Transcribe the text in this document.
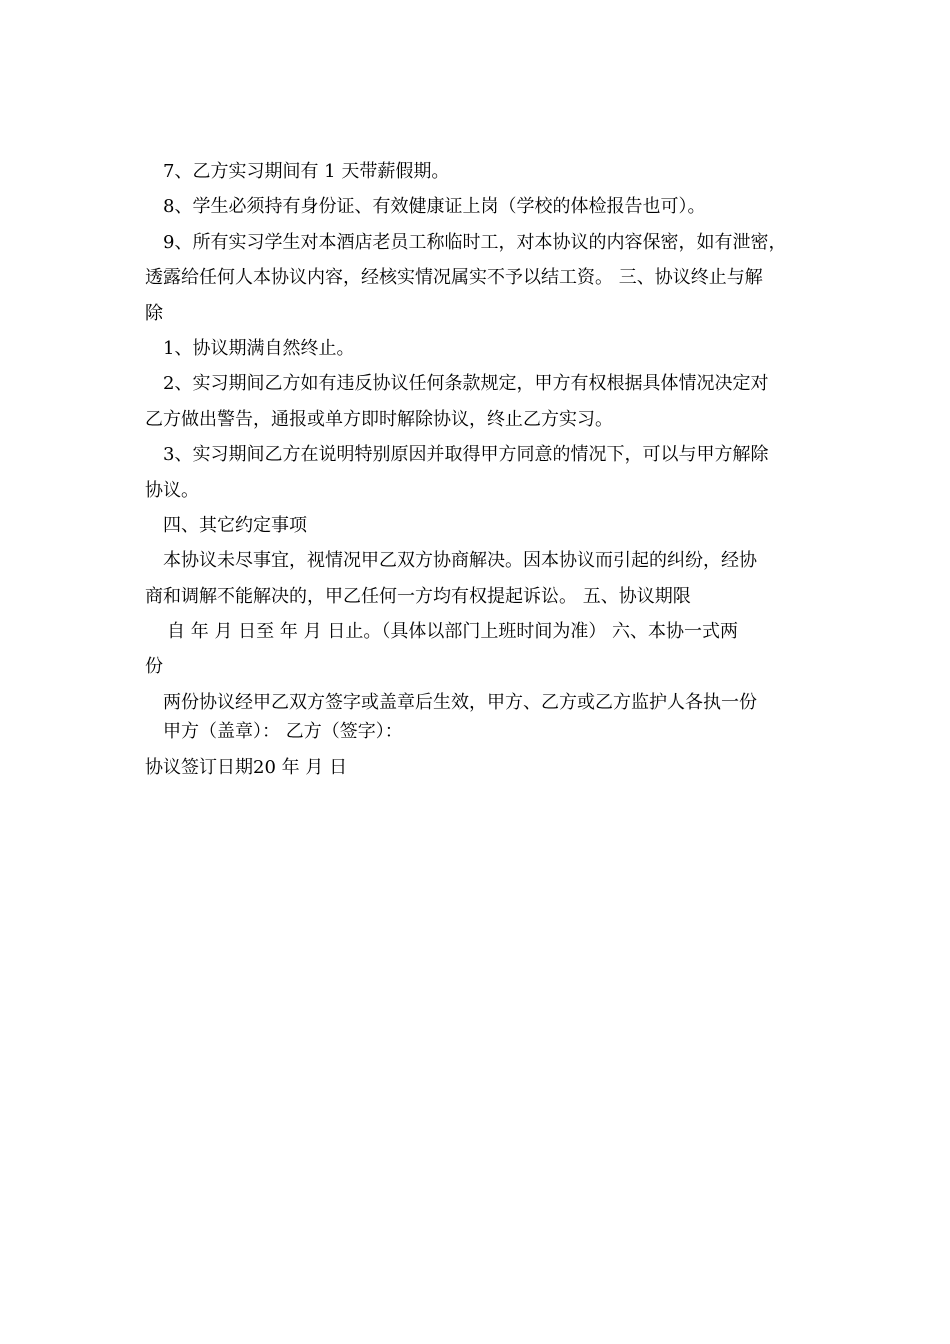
7、乙方实习期间有 1 天带薪假期。
8、学生必须持有身份证、有效健康证上岗（学校的体检报告也可）。
9、所有实习学生对本酒店老员工称临时工，对本协议的内容保密，如有泄密，
透露给任何人本协议内容，经核实情况属实不予以结工资。 三、协议终止与解
除
1、协议期满自然终止。
2、实习期间乙方如有违反协议任何条款规定，甲方有权根据具体情况决定对
乙方做出警告，通报或单方即时解除协议，终止乙方实习。
3、实习期间乙方在说明特别原因并取得甲方同意的情况下，可以与甲方解除
协议。
四、其它约定事项
本协议未尽事宜，视情况甲乙双方协商解决。因本协议而引起的纠纷，经协
商和调解不能解决的，甲乙任何一方均有权提起诉讼。 五、协议期限
自 年 月 日至 年 月 日止。（具体以部门上班时间为准） 六、本协一式两
份
两份协议经甲乙双方签字或盖章后生效，甲方、乙方或乙方监护人各执一份
甲方（盖章）： 乙方（签字）：
协议签订日期20 年 月 日
